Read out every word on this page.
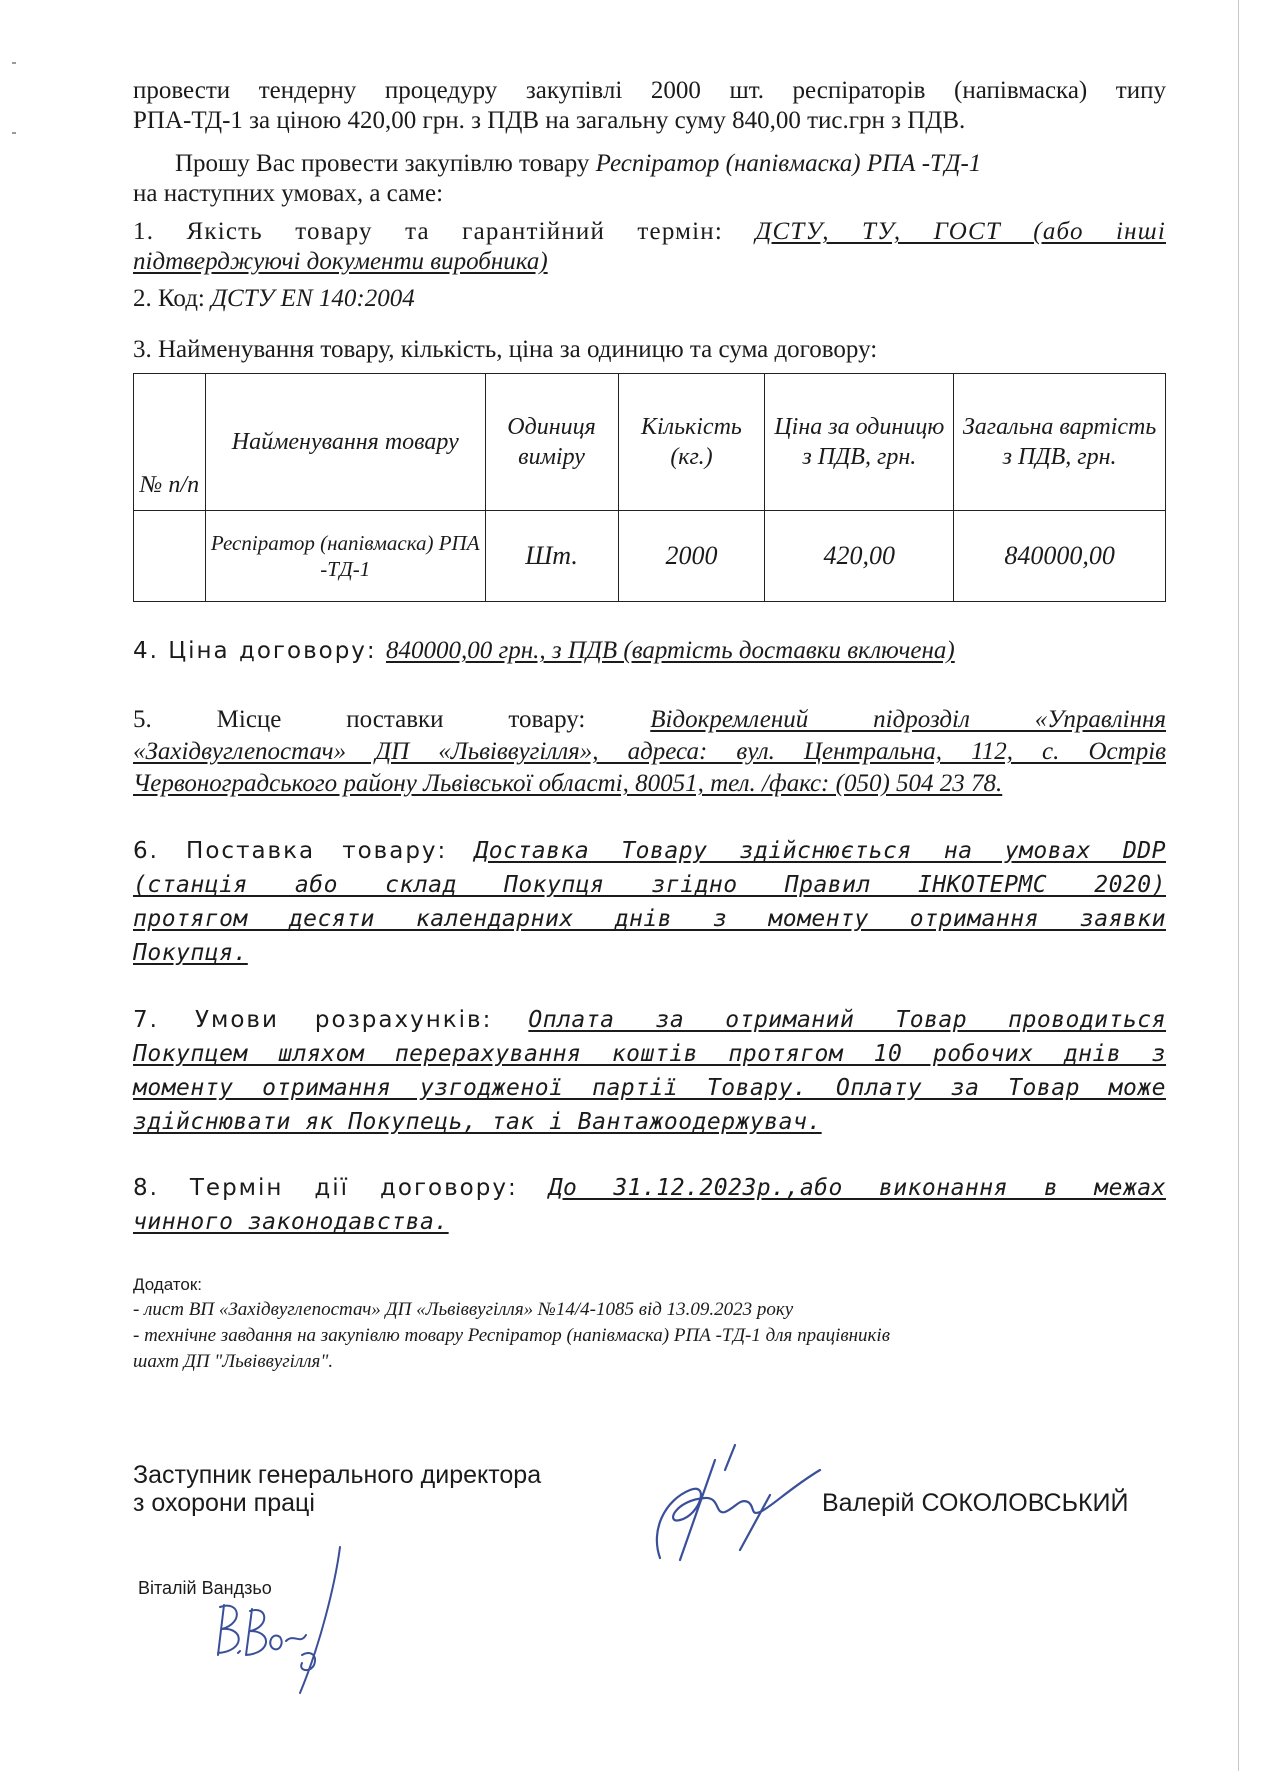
провести тендерну процедуру закупівлі 2000 шт. респіраторів (напівмаска) типу
РПА-ТД-1 за ціною 420,00 грн. з ПДВ на загальну суму 840,00 тис.грн з ПДВ.
Прошу Вас провести закупівлю товару Респіратор (напівмаска) РПА -ТД-1
на наступних умовах, а саме:
1. Якість товару та гарантійний термін: ДСТУ, ТУ, ГОСТ (або інші
підтверджуючі документи виробника)
2. Код: ДСТУ EN 140:2004
3. Найменування товару, кількість, ціна за одиницю та сума договору:
№ п/п	Найменування товару	Одиниця виміру	Кількість (кг.)	Ціна за одиницю з ПДВ, грн.	Загальна вартість з ПДВ, грн.
	Респіратор (напівмаска) РПА -ТД-1	Шт.	2000	420,00	840000,00
4. Ціна договору: 840000,00 грн., з ПДВ (вартість доставки включена)
5. Місце поставки товару: Відокремлений підрозділ «Управління
«Західвуглепостач» ДП «Львіввугілля», адреса: вул. Центральна, 112, с. Острів
Червоноградського району Львівської області, 80051, тел. /факс: (050) 504 23 78.
6. Поставка товару: Доставка Товару здійснюється на умовах DDP
(станція або склад Покупця згідно Правил ІНКОТЕРМС 2020)
протягом десяти календарних днів з моменту отримання заявки
Покупця.
7. Умови розрахунків: Оплата за отриманий Товар проводиться
Покупцем шляхом перерахування коштів протягом 10 робочих днів з
моменту отримання узгодженої партії Товару. Оплату за Товар може
здійснювати як Покупець, так і Вантажоодержувач.
8. Термін дії договору: До 31.12.2023р.,або виконання в межах
чинного законодавства.
Додаток:
- лист ВП «Західвуглепостач» ДП «Львіввугілля» №14/4-1085 від 13.09.2023 року
- технічне завдання на закупівлю товару Респіратор (напівмаска) РПА -ТД-1 для працівників
шахт ДП "Львіввугілля".
Заступник генерального директора
з охорони праці	Валерій СОКОЛОВСЬКИЙ
Віталій Вандзьо
